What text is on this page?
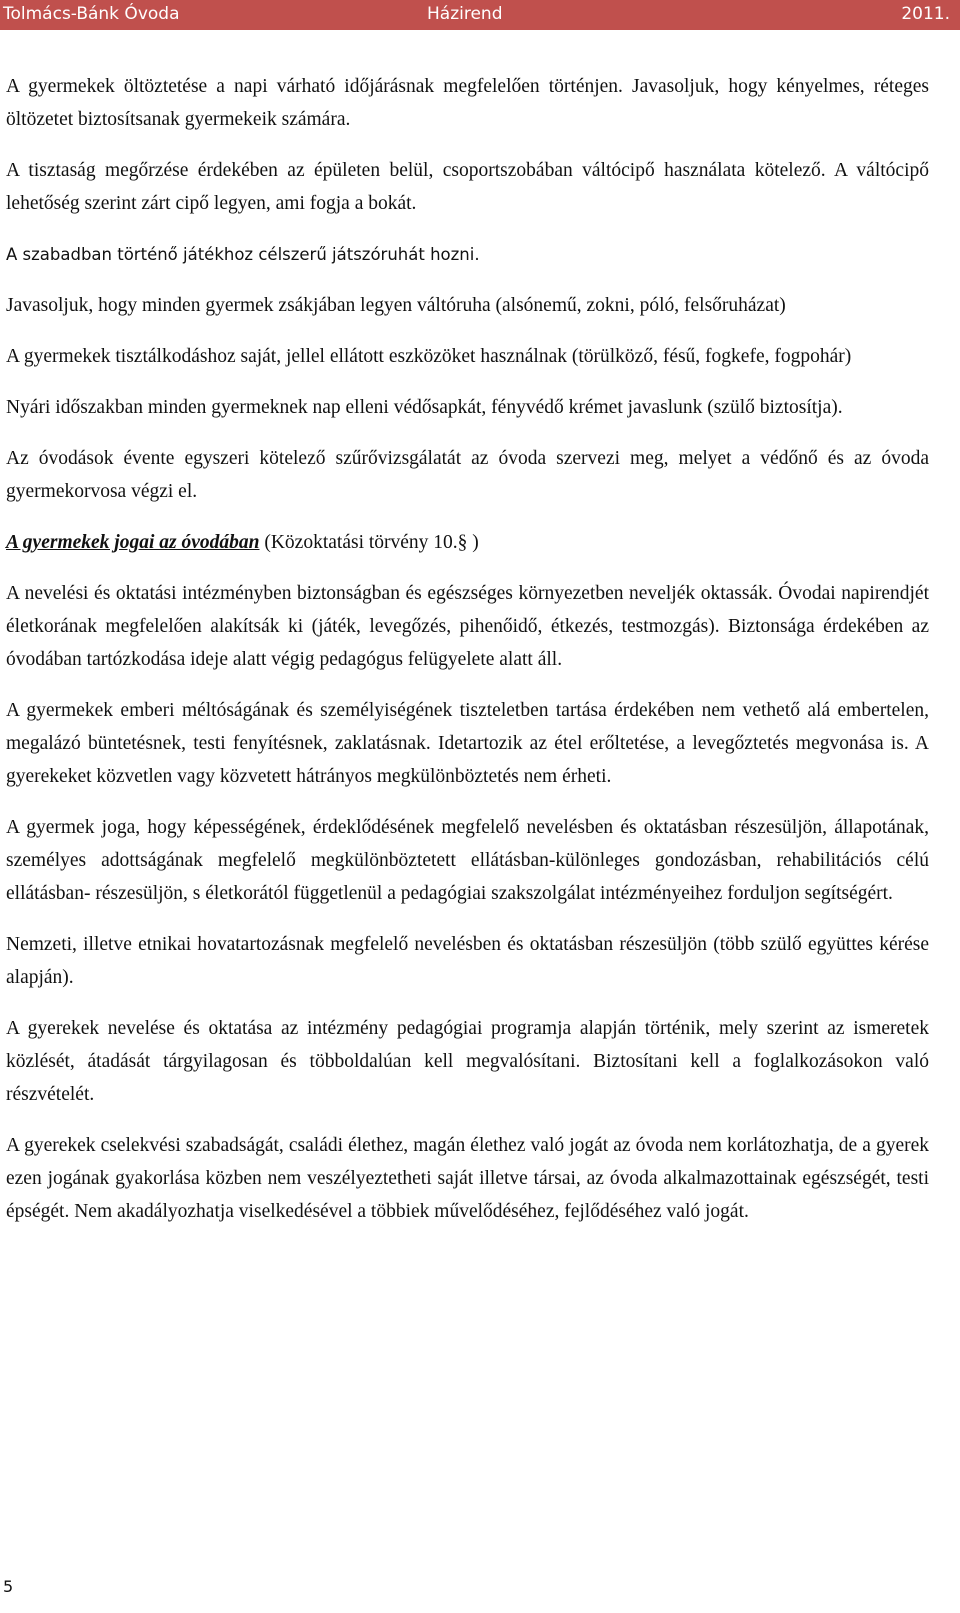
Tolmács-Bánk Óvoda	Házirend	2011.

A gyermekek öltöztetése a napi várható időjárásnak megfelelően történjen. Javasoljuk, hogy kényelmes, réteges öltözetet biztosítsanak gyermekeik számára.

A tisztaság megőrzése érdekében az épületen belül, csoportszobában váltócipő használata kötelező. A váltócipő lehetőség szerint zárt cipő legyen, ami fogja a bokát.

A szabadban történő játékhoz célszerű játszóruhát hozni.

Javasoljuk, hogy minden gyermek zsákjában legyen váltóruha (alsónemű, zokni, póló, felsőruházat)

A gyermekek tisztálkodáshoz saját, jellel ellátott eszközöket használnak (törülköző, fésű, fogkefe, fogpohár)

Nyári időszakban minden gyermeknek nap elleni védősapkát, fényvédő krémet javaslunk (szülő biztosítja).

Az óvodások évente egyszeri kötelező szűrővizsgálatát az óvoda szervezi meg, melyet a védőnő és az óvoda gyermekorvosa végzi el.

A gyermekek jogai az óvodában (Közoktatási törvény 10.§ )

A nevelési és oktatási intézményben biztonságban és egészséges környezetben neveljék oktassák. Óvodai napirendjét életkorának megfelelően alakítsák ki (játék, levegőzés, pihenőidő, étkezés, testmozgás). Biztonsága érdekében az óvodában tartózkodása ideje alatt végig pedagógus felügyelete alatt áll.

A gyermekek emberi méltóságának és személyiségének tiszteletben tartása érdekében nem vethető alá embertelen, megalázó büntetésnek, testi fenyítésnek, zaklatásnak. Idetartozik az étel erőltetése, a levegőztetés megvonása is. A gyerekeket közvetlen vagy közvetett hátrányos megkülönböztetés nem érheti.

A gyermek joga, hogy képességének, érdeklődésének megfelelő nevelésben és oktatásban részesüljön, állapotának, személyes adottságának megfelelő megkülönböztetett ellátásban-különleges gondozásban, rehabilitációs célú ellátásban- részesüljön, s életkorától függetlenül a pedagógiai szakszolgálat intézményeihez forduljon segítségért.

Nemzeti, illetve etnikai hovatartozásnak megfelelő nevelésben és oktatásban részesüljön (több szülő együttes kérése alapján).

A gyerekek nevelése és oktatása az intézmény pedagógiai programja alapján történik, mely szerint az ismeretek közlését, átadását tárgyilagosan és többoldalúan kell megvalósítani. Biztosítani kell a foglalkozásokon való részvételét.

A gyerekek cselekvési szabadságát, családi élethez, magán élethez való jogát az óvoda nem korlátozhatja, de a gyerek ezen jogának gyakorlása közben nem veszélyeztetheti saját illetve társai, az óvoda alkalmazottainak egészségét, testi épségét. Nem akadályozhatja viselkedésével a többiek művelődéséhez, fejlődéséhez való jogát.

5
